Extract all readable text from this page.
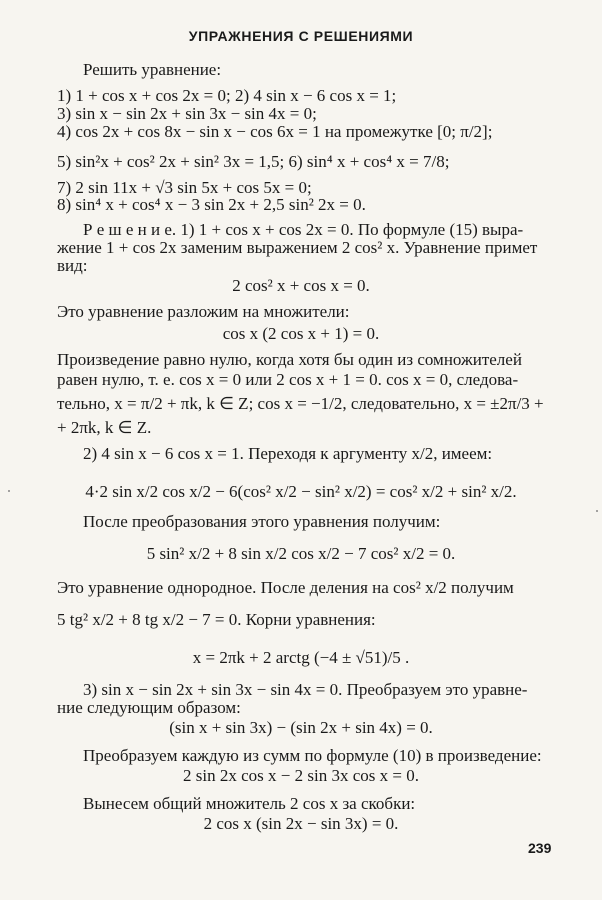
УПРАЖНЕНИЯ С РЕШЕНИЯМИ
Решить уравнение:
1) 1 + cos x + cos 2x = 0; 2) 4 sin x − 6 cos x = 1;
3) sin x − sin 2x + sin 3x − sin 4x = 0;
4) cos 2x + cos 8x − sin x − cos 6x = 1 на промежутке [0; π/2];
5) sin²x + cos² 2x + sin² 3x = 1,5; 6) sin⁴ x + cos⁴ x = 7/8;
7) 2 sin 11x + √3 sin 5x + cos 5x = 0;
8) sin⁴ x + cos⁴ x − 3 sin 2x + 2,5 sin² 2x = 0.
Р е ш е н и е. 1) 1 + cos x + cos 2x = 0. По формуле (15) выра-
жение 1 + cos 2x заменим выражением 2 cos² x. Уравнение примет
вид:
2 cos² x + cos x = 0.
Это уравнение разложим на множители:
cos x (2 cos x + 1) = 0.
Произведение равно нулю, когда хотя бы один из сомножителей
равен нулю, т. е. cos x = 0 или 2 cos x + 1 = 0. cos x = 0, следова-
тельно, x = π/2 + πk, k ∈ Z; cos x = −1/2, следовательно, x = ±2π/3 +
+ 2πk, k ∈ Z.
2) 4 sin x − 6 cos x = 1. Переходя к аргументу x/2, имеем:
4·2 sin x/2 cos x/2 − 6(cos² x/2 − sin² x/2) = cos² x/2 + sin² x/2.
После преобразования этого уравнения получим:
5 sin² x/2 + 8 sin x/2 cos x/2 − 7 cos² x/2 = 0.
Это уравнение однородное. После деления на cos² x/2 получим
5 tg² x/2 + 8 tg x/2 − 7 = 0. Корни уравнения:
x = 2πk + 2 arctg (−4 ± √51)/5 .
3) sin x − sin 2x + sin 3x − sin 4x = 0. Преобразуем это уравне-
ние следующим образом:
(sin x + sin 3x) − (sin 2x + sin 4x) = 0.
Преобразуем каждую из сумм по формуле (10) в произведение:
2 sin 2x cos x − 2 sin 3x cos x = 0.
Вынесем общий множитель 2 cos x за скобки:
2 cos x (sin 2x − sin 3x) = 0.
239
